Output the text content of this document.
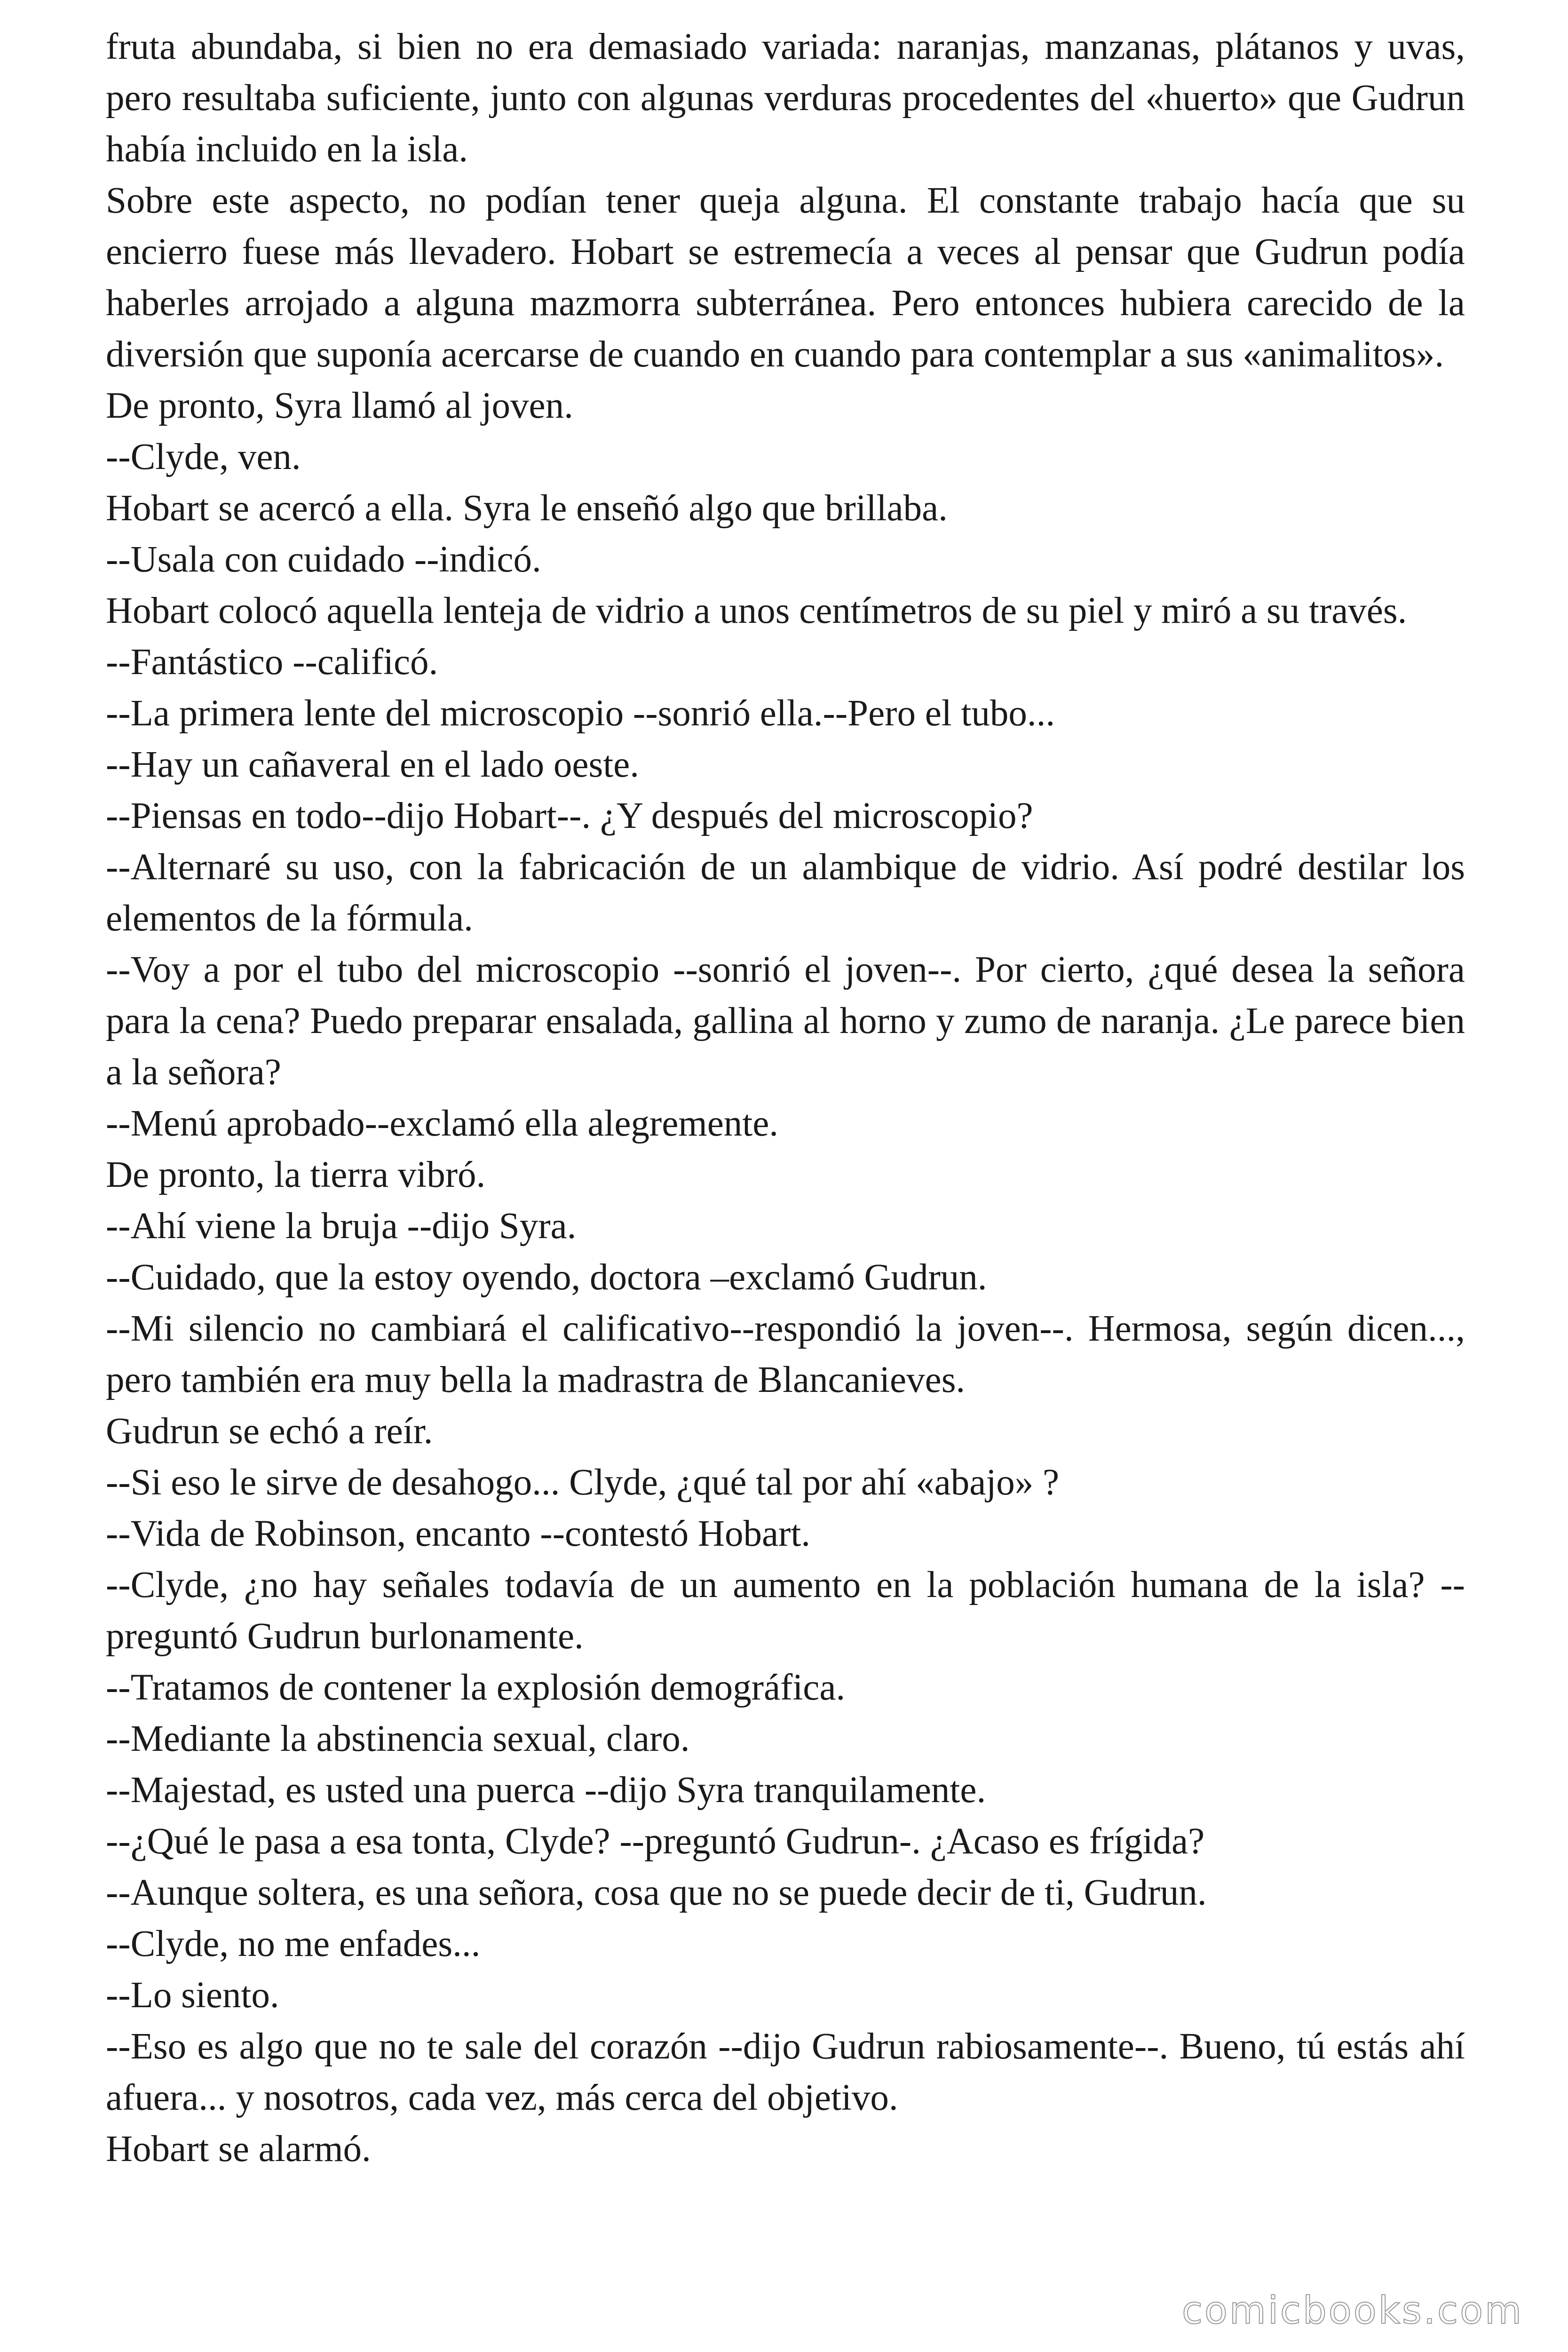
fruta abundaba, si bien no era demasiado variada: naranjas, manzanas, plátanos y uvas, pero resultaba suficiente, junto con algunas verduras procedentes del «huerto» que Gudrun había incluido en la isla.

Sobre este aspecto, no podían tener queja alguna. El constante trabajo hacía que su encierro fuese más llevadero. Hobart se estremecía a veces al pensar que Gudrun podía haberles arrojado a alguna mazmorra subterránea. Pero entonces hubiera carecido de la diversión que suponía acercarse de cuando en cuando para contemplar a sus «animalitos».

De pronto, Syra llamó al joven.

--Clyde, ven.

Hobart se acercó a ella. Syra le enseñó algo que brillaba.

--Usala con cuidado --indicó.

Hobart colocó aquella lenteja de vidrio a unos centímetros de su piel y miró a su través.

--Fantástico --calificó.

--La primera lente del microscopio --sonrió ella.--Pero el tubo...

--Hay un cañaveral en el lado oeste.

--Piensas en todo--dijo Hobart--. ¿Y después del microscopio?

--Alternaré su uso, con la fabricación de un alambique de vidrio. Así podré destilar los elementos de la fórmula.

--Voy a por el tubo del microscopio --sonrió el joven--. Por cierto, ¿qué desea la señora para la cena? Puedo preparar ensalada, gallina al horno y zumo de naranja. ¿Le parece bien a la señora?

--Menú aprobado--exclamó ella alegremente.

De pronto, la tierra vibró.

--Ahí viene la bruja --dijo Syra.

--Cuidado, que la estoy oyendo, doctora –exclamó Gudrun.

--Mi silencio no cambiará el calificativo--respondió la joven--. Hermosa, según dicen..., pero también era muy bella la madrastra de Blancanieves.

Gudrun se echó a reír.

--Si eso le sirve de desahogo... Clyde, ¿qué tal por ahí «abajo» ?

--Vida de Robinson, encanto --contestó Hobart.

--Clyde, ¿no hay señales todavía de un aumento en la población humana de la isla? --preguntó Gudrun burlonamente.

--Tratamos de contener la explosión demográfica.

--Mediante la abstinencia sexual, claro.

--Majestad, es usted una puerca --dijo Syra tranquilamente.

--¿Qué le pasa a esa tonta, Clyde? --preguntó Gudrun-. ¿Acaso es frígida?

--Aunque soltera, es una señora, cosa que no se puede decir de ti, Gudrun.

--Clyde, no me enfades...

--Lo siento.

--Eso es algo que no te sale del corazón --dijo Gudrun rabiosamente--. Bueno, tú estás ahí afuera... y nosotros, cada vez, más cerca del objetivo.

Hobart se alarmó.

comicbooks.com
